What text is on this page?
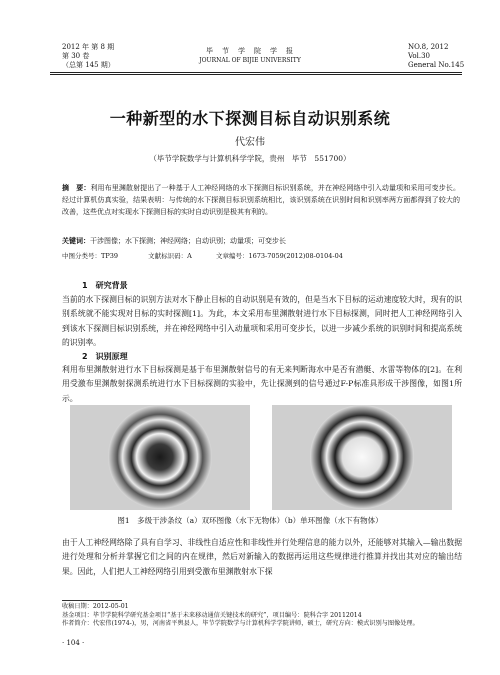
2012 年 第 8 期
第 30 卷
（总第 145 期）
毕　节　学　院　学　报
JOURNAL OF BIJIE UNIVERSITY
NO.8, 2012
Vol.30
General No.145
一种新型的水下探测目标自动识别系统
代宏伟
（毕节学院数学与计算机科学学院，贵州　毕节　551700）
摘　要：利用布里渊散射提出了一种基于人工神经网络的水下探测目标识别系统，并在神经网络中引入动量项和采用可变步长。经过计算机仿真实验，结果表明：与传统的水下探测目标识别系统相比，该识别系统在识别时间和识别率两方面都得到了较大的改善，这些优点对实现水下探测目标的实时自动识别是极其有利的。
关键词：干涉图像；水下探测；神经网络；自动识别；动量项；可变步长
中图分类号：TP39	文献标识码：A	文章编号：1673-7059(2012)08-0104-04
1　研究背景
当前的水下探测目标的识别方法对水下静止目标的自动识别是有效的，但是当水下目标的运动速度较大时，现有的识别系统就不能实现对目标的实时探测[1]。为此，本文采用布里渊散射进行水下目标探测，同时把人工神经网络引入到该水下探测目标识别系统，并在神经网络中引入动量项和采用可变步长，以进一步减少系统的识别时间和提高系统的识别率。
2　识别原理
利用布里渊散射进行水下目标探测是基于布里渊散射信号的有无来判断海水中是否有潜艇、水雷等物体的[2]。在利用受激布里渊散射探测系统进行水下目标探测的实验中，先让探测到的信号通过F-P标准具形成干涉图像，如图1所示。
图1　多级干涉条纹（a）双环图像（水下无物体）（b）单环图像（水下有物体）
由于人工神经网络除了具有自学习、非线性自适应性和非线性并行处理信息的能力以外，还能够对其输入—输出数据进行处理和分析并掌握它们之间的内在规律，然后对新输入的数据再运用这些规律进行推算并找出其对应的输出结果。因此，人们把人工神经网络引用到受激布里渊散射水下探
收稿日期：2012-05-01
基金项目：毕节学院科学研究基金项目“基于未来移动通信关键技术的研究”，项目编号：院科合字 20112014
作者简介：代宏伟(1974-)，男，河南省平舆县人，毕节学院数学与计算机科学学院讲师，硕士，研究方向：模式识别与图像处理。
· 104 ·
